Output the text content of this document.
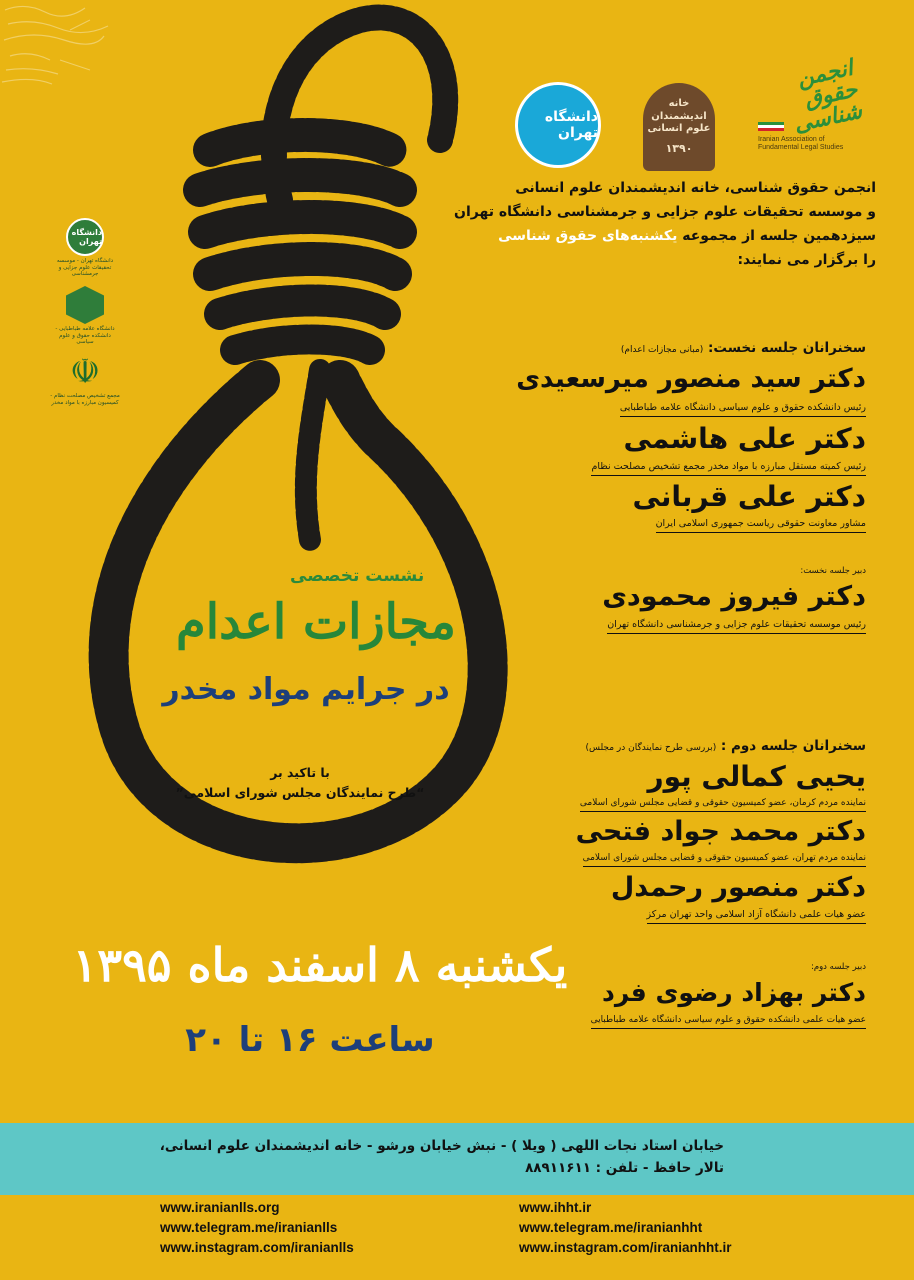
دانشگاه تهران
خانه اندیشمندان علوم انسانی
۱۳۹۰
انجمن حقوق شناسی
Iranian Association of Fundamental Legal Studies
دانشگاه تهران
دانشگاه تهران - موسسه تحقیقات علوم جزایی و جرمشناسی
دانشگاه علامه طباطبایی - دانشکده حقوق و علوم سیاسی
☫
مجمع تشخیص مصلحت نظام - کمیسیون مبارزه با مواد مخدر
انجمن حقوق شناسی، خانه اندیشمندان علوم انسانی
و موسسه تحقیقات علوم جزایی و جرمشناسی دانشگاه تهران
سیزدهمین جلسه از مجموعه یکشنبه‌های حقوق شناسی
را برگزار می نمایند:
سخنرانان جلسه نخست: (مبانی مجازات اعدام)
دکتر سید منصور میرسعیدی
رئیس دانشکده حقوق و علوم سیاسی دانشگاه علامه طباطبایی
دکتر علی هاشمی
رئیس کمیته مستقل مبارزه با مواد مخدر مجمع تشخیص مصلحت نظام
دکتر علی قربانی
مشاور معاونت حقوقی ریاست جمهوری اسلامی ایران
دبیر جلسه نخست:
دکتر فیروز محمودی
رئیس موسسه تحقیقات علوم جزایی و جرمشناسی دانشگاه تهران
سخنرانان جلسه دوم : (بررسی طرح نمایندگان در مجلس)
یحیی کمالی پور
نماینده مردم کرمان، عضو کمیسیون حقوقی و قضایی مجلس شورای اسلامی
دکتر محمد جواد فتحی
نماینده مردم تهران، عضو کمیسیون حقوقی و قضایی مجلس شورای اسلامی
دکتر منصور رحمدل
عضو هیات علمی دانشگاه آزاد اسلامی واحد تهران مرکز
دبیر جلسه دوم:
دکتر بهزاد رضوی فرد
عضو هیات علمی دانشکده حقوق و علوم سیاسی دانشگاه علامه طباطبایی
نشست تخصصی
مجازات اعدام
در جرایم مواد مخدر
با تاکید بر
“طرح نمایندگان مجلس شورای اسلامی”
یکشنبه ۸ اسفند ماه ۱۳۹۵
ساعت ۱۶ تا ۲۰
خیابان استاد نجات اللهی ( ویلا ) - نبش خیابان ورشو - خانه اندیشمندان علوم انسانی،
تالار حافظ - تلفن : ۸۸۹۱۱۶۱۱
www.iranianlls.org
www.telegram.me/iranianlls
www.instagram.com/iranianlls
www.ihht.ir
www.telegram.me/iranianhht
www.instagram.com/iranianhht.ir
